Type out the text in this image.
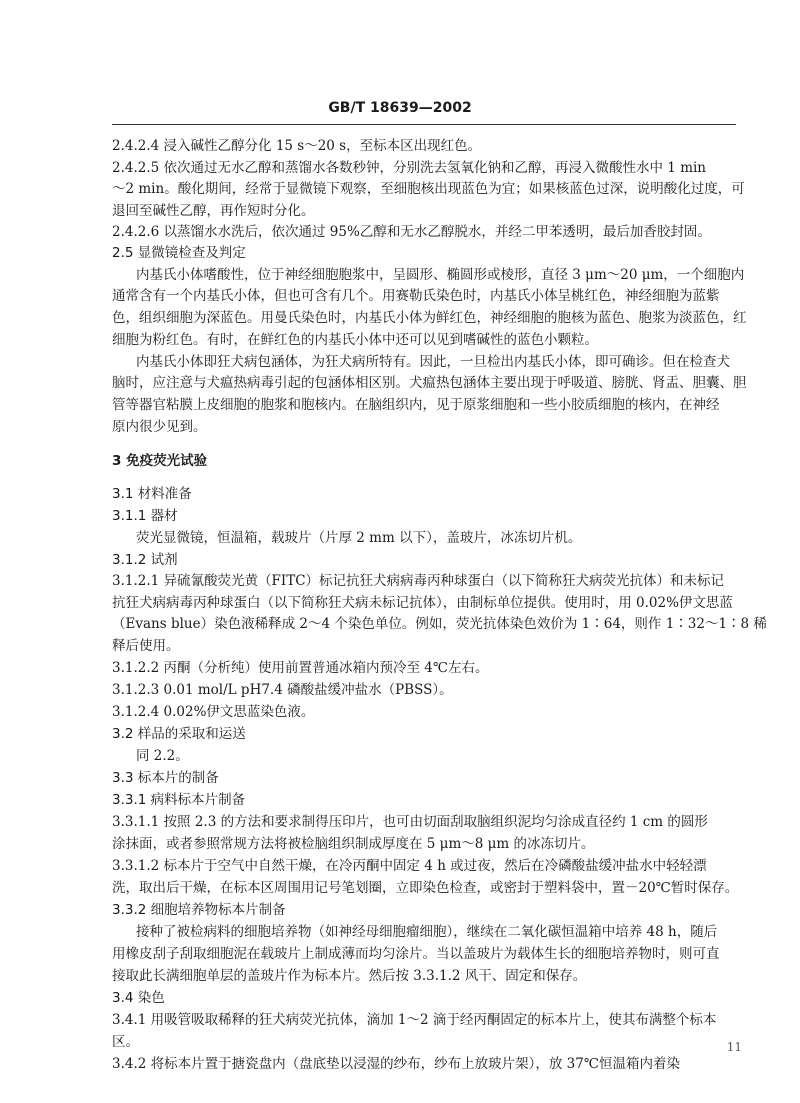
GB/T 18639—2002
2.4.2.4 浸入碱性乙醇分化 15 s～20 s，至标本区出现红色。
2.4.2.5 依次通过无水乙醇和蒸馏水各数秒钟，分别洗去氢氧化钠和乙醇，再浸入微酸性水中 1 min
～2 min。酸化期间，经常于显微镜下观察，至细胞核出现蓝色为宜；如果核蓝色过深，说明酸化过度，可
退回至碱性乙醇，再作短时分化。
2.4.2.6 以蒸馏水水洗后，依次通过 95%乙醇和无水乙醇脱水，并经二甲苯透明，最后加香胶封固。
2.5 显微镜检查及判定
内基氏小体嗜酸性，位于神经细胞胞浆中，呈圆形、椭圆形或棱形，直径 3 μm～20 μm，一个细胞内
通常含有一个内基氏小体，但也可含有几个。用赛勒氏染色时，内基氏小体呈桃红色，神经细胞为蓝紫
色，组织细胞为深蓝色。用曼氏染色时，内基氏小体为鲜红色，神经细胞的胞核为蓝色、胞浆为淡蓝色，红
细胞为粉红色。有时，在鲜红色的内基氏小体中还可以见到嗜碱性的蓝色小颗粒。
内基氏小体即狂犬病包涵体，为狂犬病所特有。因此，一旦检出内基氏小体，即可确诊。但在检查犬
脑时，应注意与犬瘟热病毒引起的包涵体相区别。犬瘟热包涵体主要出现于呼吸道、膀胱、肾盂、胆囊、胆
管等器官粘膜上皮细胞的胞浆和胞核内。在脑组织内，见于原浆细胞和一些小胶质细胞的核内，在神经
原内很少见到。
3 免疫荧光试验
3.1 材料准备
3.1.1 器材
荧光显微镜，恒温箱，载玻片（片厚 2 mm 以下），盖玻片，冰冻切片机。
3.1.2 试剂
3.1.2.1 异硫氰酸荧光黄（FITC）标记抗狂犬病病毒丙种球蛋白（以下简称狂犬病荧光抗体）和未标记
抗狂犬病病毒丙种球蛋白（以下简称狂犬病未标记抗体），由制标单位提供。使用时，用 0.02%伊文思蓝
（Evans blue）染色液稀释成 2～4 个染色单位。例如，荧光抗体染色效价为 1∶64，则作 1∶32～1∶8 稀
释后使用。
3.1.2.2 丙酮（分析纯）使用前置普通冰箱内预冷至 4℃左右。
3.1.2.3 0.01 mol/L pH7.4 磷酸盐缓冲盐水（PBSS）。
3.1.2.4 0.02%伊文思蓝染色液。
3.2 样品的采取和运送
同 2.2。
3.3 标本片的制备
3.3.1 病料标本片制备
3.3.1.1 按照 2.3 的方法和要求制得压印片，也可由切面刮取脑组织泥均匀涂成直径约 1 cm 的圆形
涂抹面，或者参照常规方法将被检脑组织制成厚度在 5 μm～8 μm 的冰冻切片。
3.3.1.2 标本片于空气中自然干燥，在冷丙酮中固定 4 h 或过夜，然后在冷磷酸盐缓冲盐水中轻轻漂
洗，取出后干燥，在标本区周围用记号笔划圈，立即染色检查，或密封于塑料袋中，置－20℃暂时保存。
3.3.2 细胞培养物标本片制备
接种了被检病料的细胞培养物（如神经母细胞瘤细胞），继续在二氧化碳恒温箱中培养 48 h，随后
用橡皮刮子刮取细胞泥在载玻片上制成薄而均匀涂片。当以盖玻片为载体生长的细胞培养物时，则可直
接取此长满细胞单层的盖玻片作为标本片。然后按 3.3.1.2 风干、固定和保存。
3.4 染色
3.4.1 用吸管吸取稀释的狂犬病荧光抗体，滴加 1～2 滴于经丙酮固定的标本片上，使其布满整个标本
区。
3.4.2 将标本片置于搪瓷盘内（盘底垫以浸湿的纱布，纱布上放玻片架），放 37℃恒温箱内着染
11
